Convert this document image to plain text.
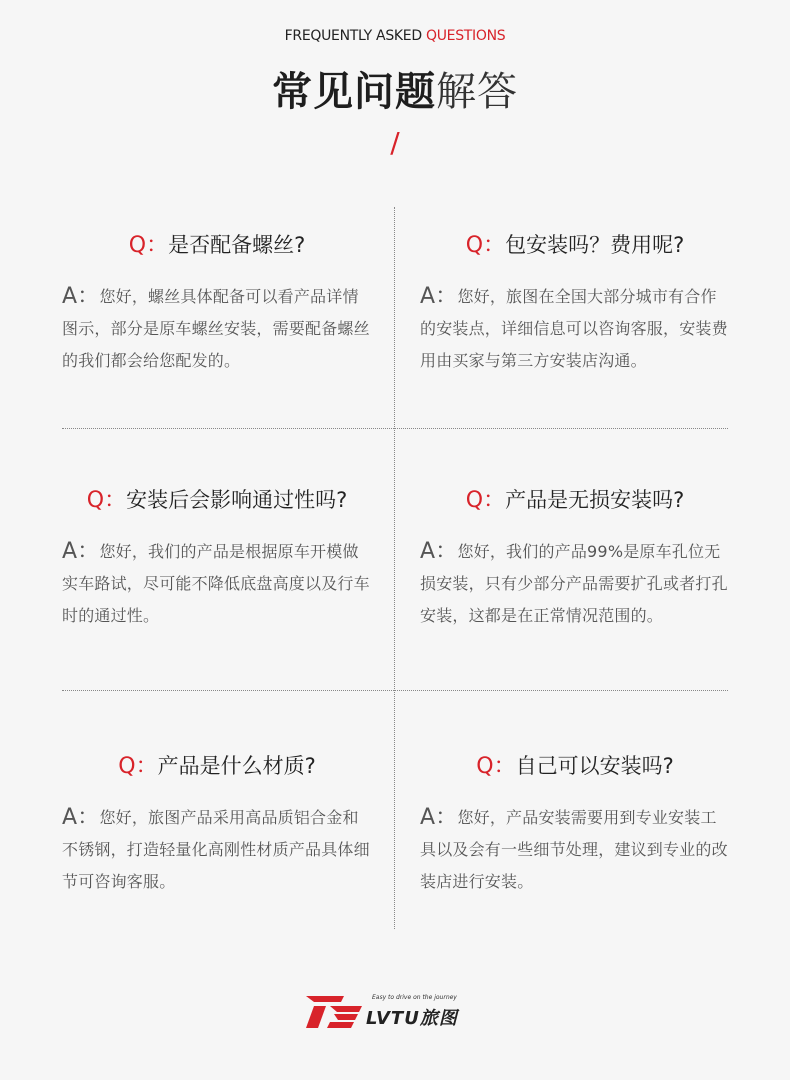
FREQUENTLY ASKED QUESTIONS
常见问题解答
/
Q：是否配备螺丝?
A：您好，螺丝具体配备可以看产品详情图示，部分是原车螺丝安装，需要配备螺丝的我们都会给您配发的。
Q：包安装吗？费用呢?
A：您好，旅图在全国大部分城市有合作的安装点，详细信息可以咨询客服，安装费用由买家与第三方安装店沟通。
Q：安装后会影响通过性吗?
A：您好，我们的产品是根据原车开模做实车路试，尽可能不降低底盘高度以及行车时的通过性。
Q：产品是无损安装吗?
A：您好，我们的产品99%是原车孔位无损安装，只有少部分产品需要扩孔或者打孔安装，这都是在正常情况范围的。
Q：产品是什么材质?
A：您好，旅图产品采用高品质铝合金和不锈钢，打造轻量化高刚性材质产品具体细节可咨询客服。
Q：自己可以安装吗?
A：您好，产品安装需要用到专业安装工具以及会有一些细节处理，建议到专业的改装店进行安装。
Easy to drive on the journey
LVTU旅图
